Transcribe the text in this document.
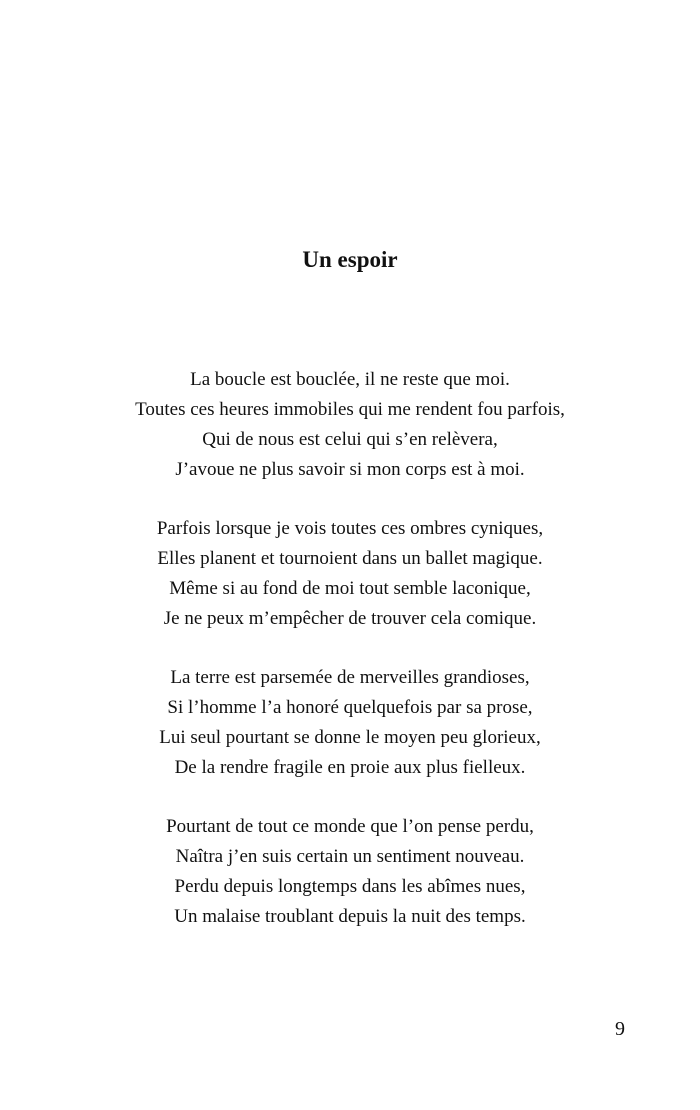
Un espoir

La boucle est bouclée, il ne reste que moi.
Toutes ces heures immobiles qui me rendent fou parfois,
Qui de nous est celui qui s’en relèvera,
J’avoue ne plus savoir si mon corps est à moi.

Parfois lorsque je vois toutes ces ombres cyniques,
Elles planent et tournoient dans un ballet magique.
Même si au fond de moi tout semble laconique,
Je ne peux m’empêcher de trouver cela comique.

La terre est parsemée de merveilles grandioses,
Si l’homme l’a honoré quelquefois par sa prose,
Lui seul pourtant se donne le moyen peu glorieux,
De la rendre fragile en proie aux plus fielleux.

Pourtant de tout ce monde que l’on pense perdu,
Naîtra j’en suis certain un sentiment nouveau.
Perdu depuis longtemps dans les abîmes nues,
Un malaise troublant depuis la nuit des temps.

9
